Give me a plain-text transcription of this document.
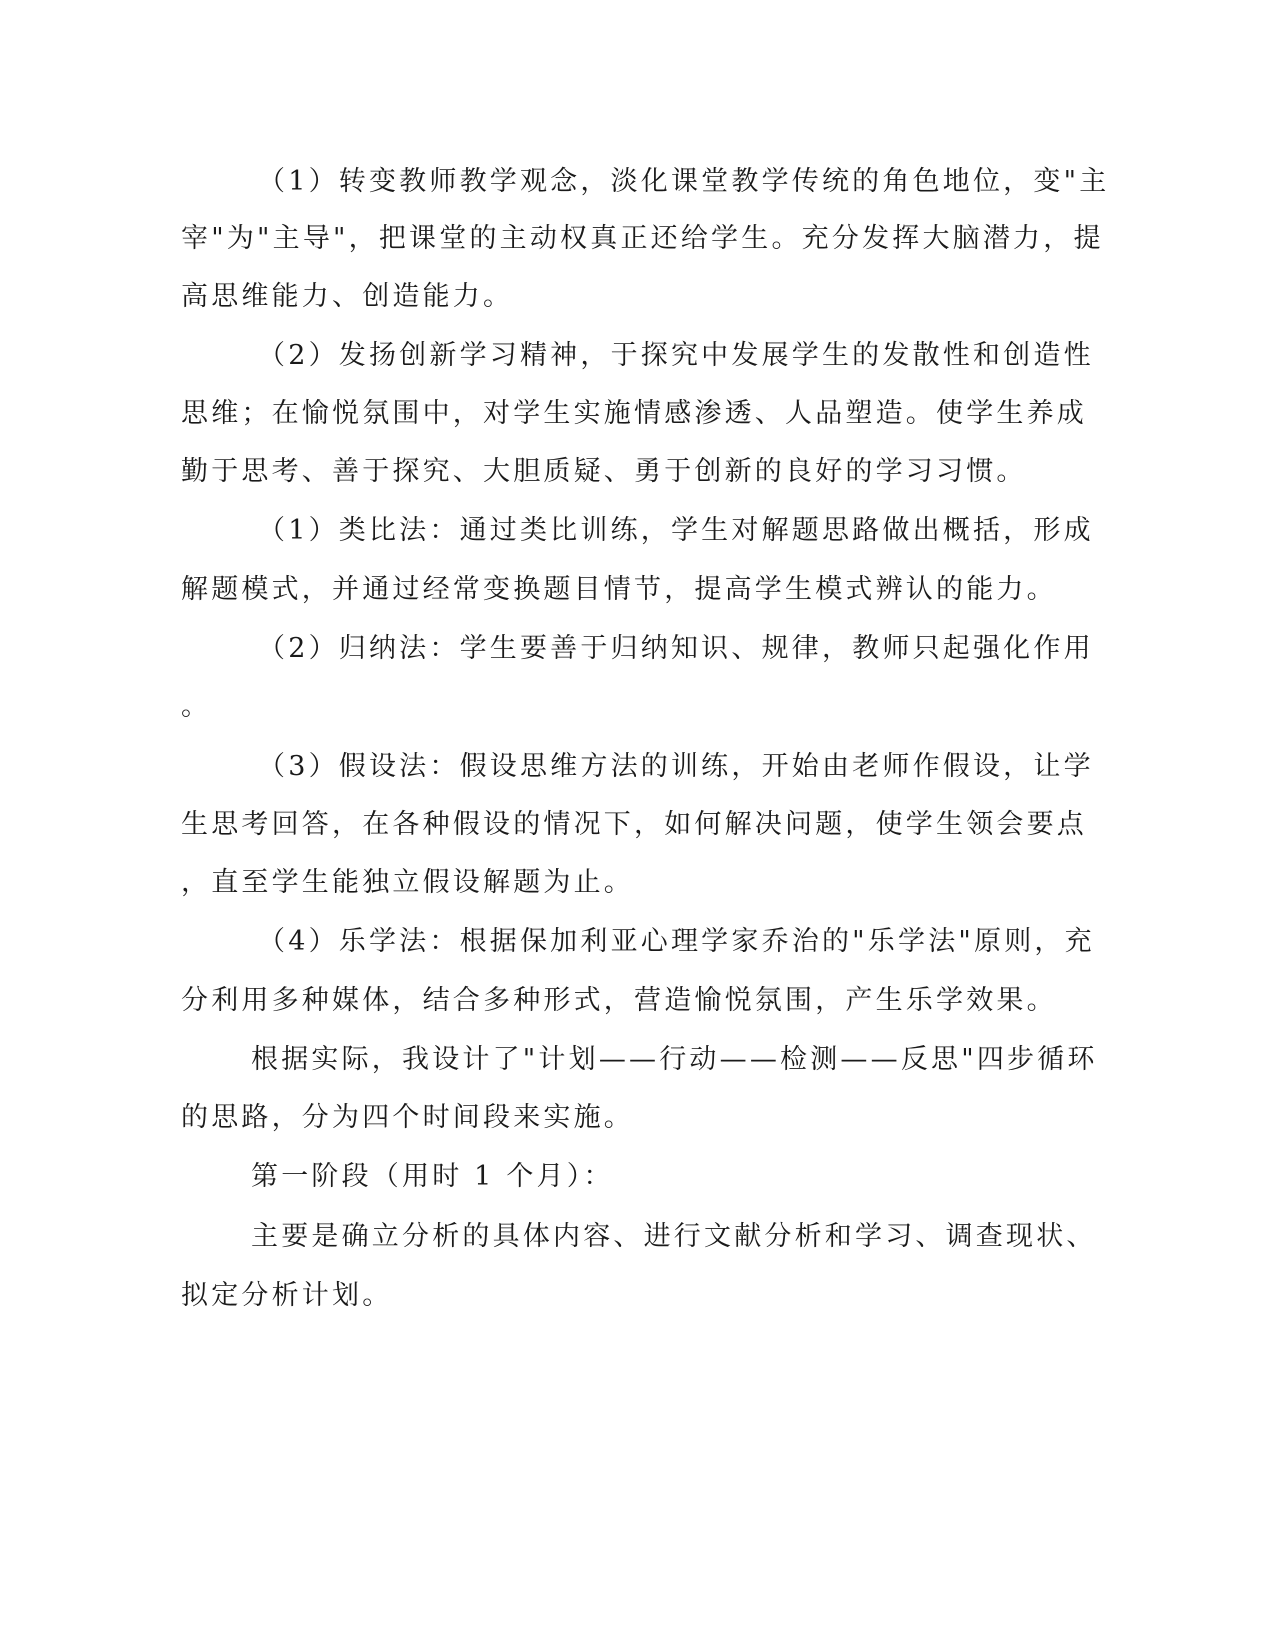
（1）转变教师教学观念，淡化课堂教学传统的角色地位，变"主
宰"为"主导"，把课堂的主动权真正还给学生。充分发挥大脑潜力，提
高思维能力、创造能力。
（2）发扬创新学习精神，于探究中发展学生的发散性和创造性
思维；在愉悦氛围中，对学生实施情感渗透、人品塑造。使学生养成
勤于思考、善于探究、大胆质疑、勇于创新的良好的学习习惯。
（1）类比法：通过类比训练，学生对解题思路做出概括，形成
解题模式，并通过经常变换题目情节，提高学生模式辨认的能力。
（2）归纳法：学生要善于归纳知识、规律，教师只起强化作用
。
（3）假设法：假设思维方法的训练，开始由老师作假设，让学
生思考回答，在各种假设的情况下，如何解决问题，使学生领会要点
，直至学生能独立假设解题为止。
（4）乐学法：根据保加利亚心理学家乔治的"乐学法"原则，充
分利用多种媒体，结合多种形式，营造愉悦氛围，产生乐学效果。
根据实际，我设计了"计划——行动——检测——反思"四步循环
的思路，分为四个时间段来实施。
第一阶段（用时 1 个月）：
主要是确立分析的具体内容、进行文献分析和学习、调查现状、
拟定分析计划。
